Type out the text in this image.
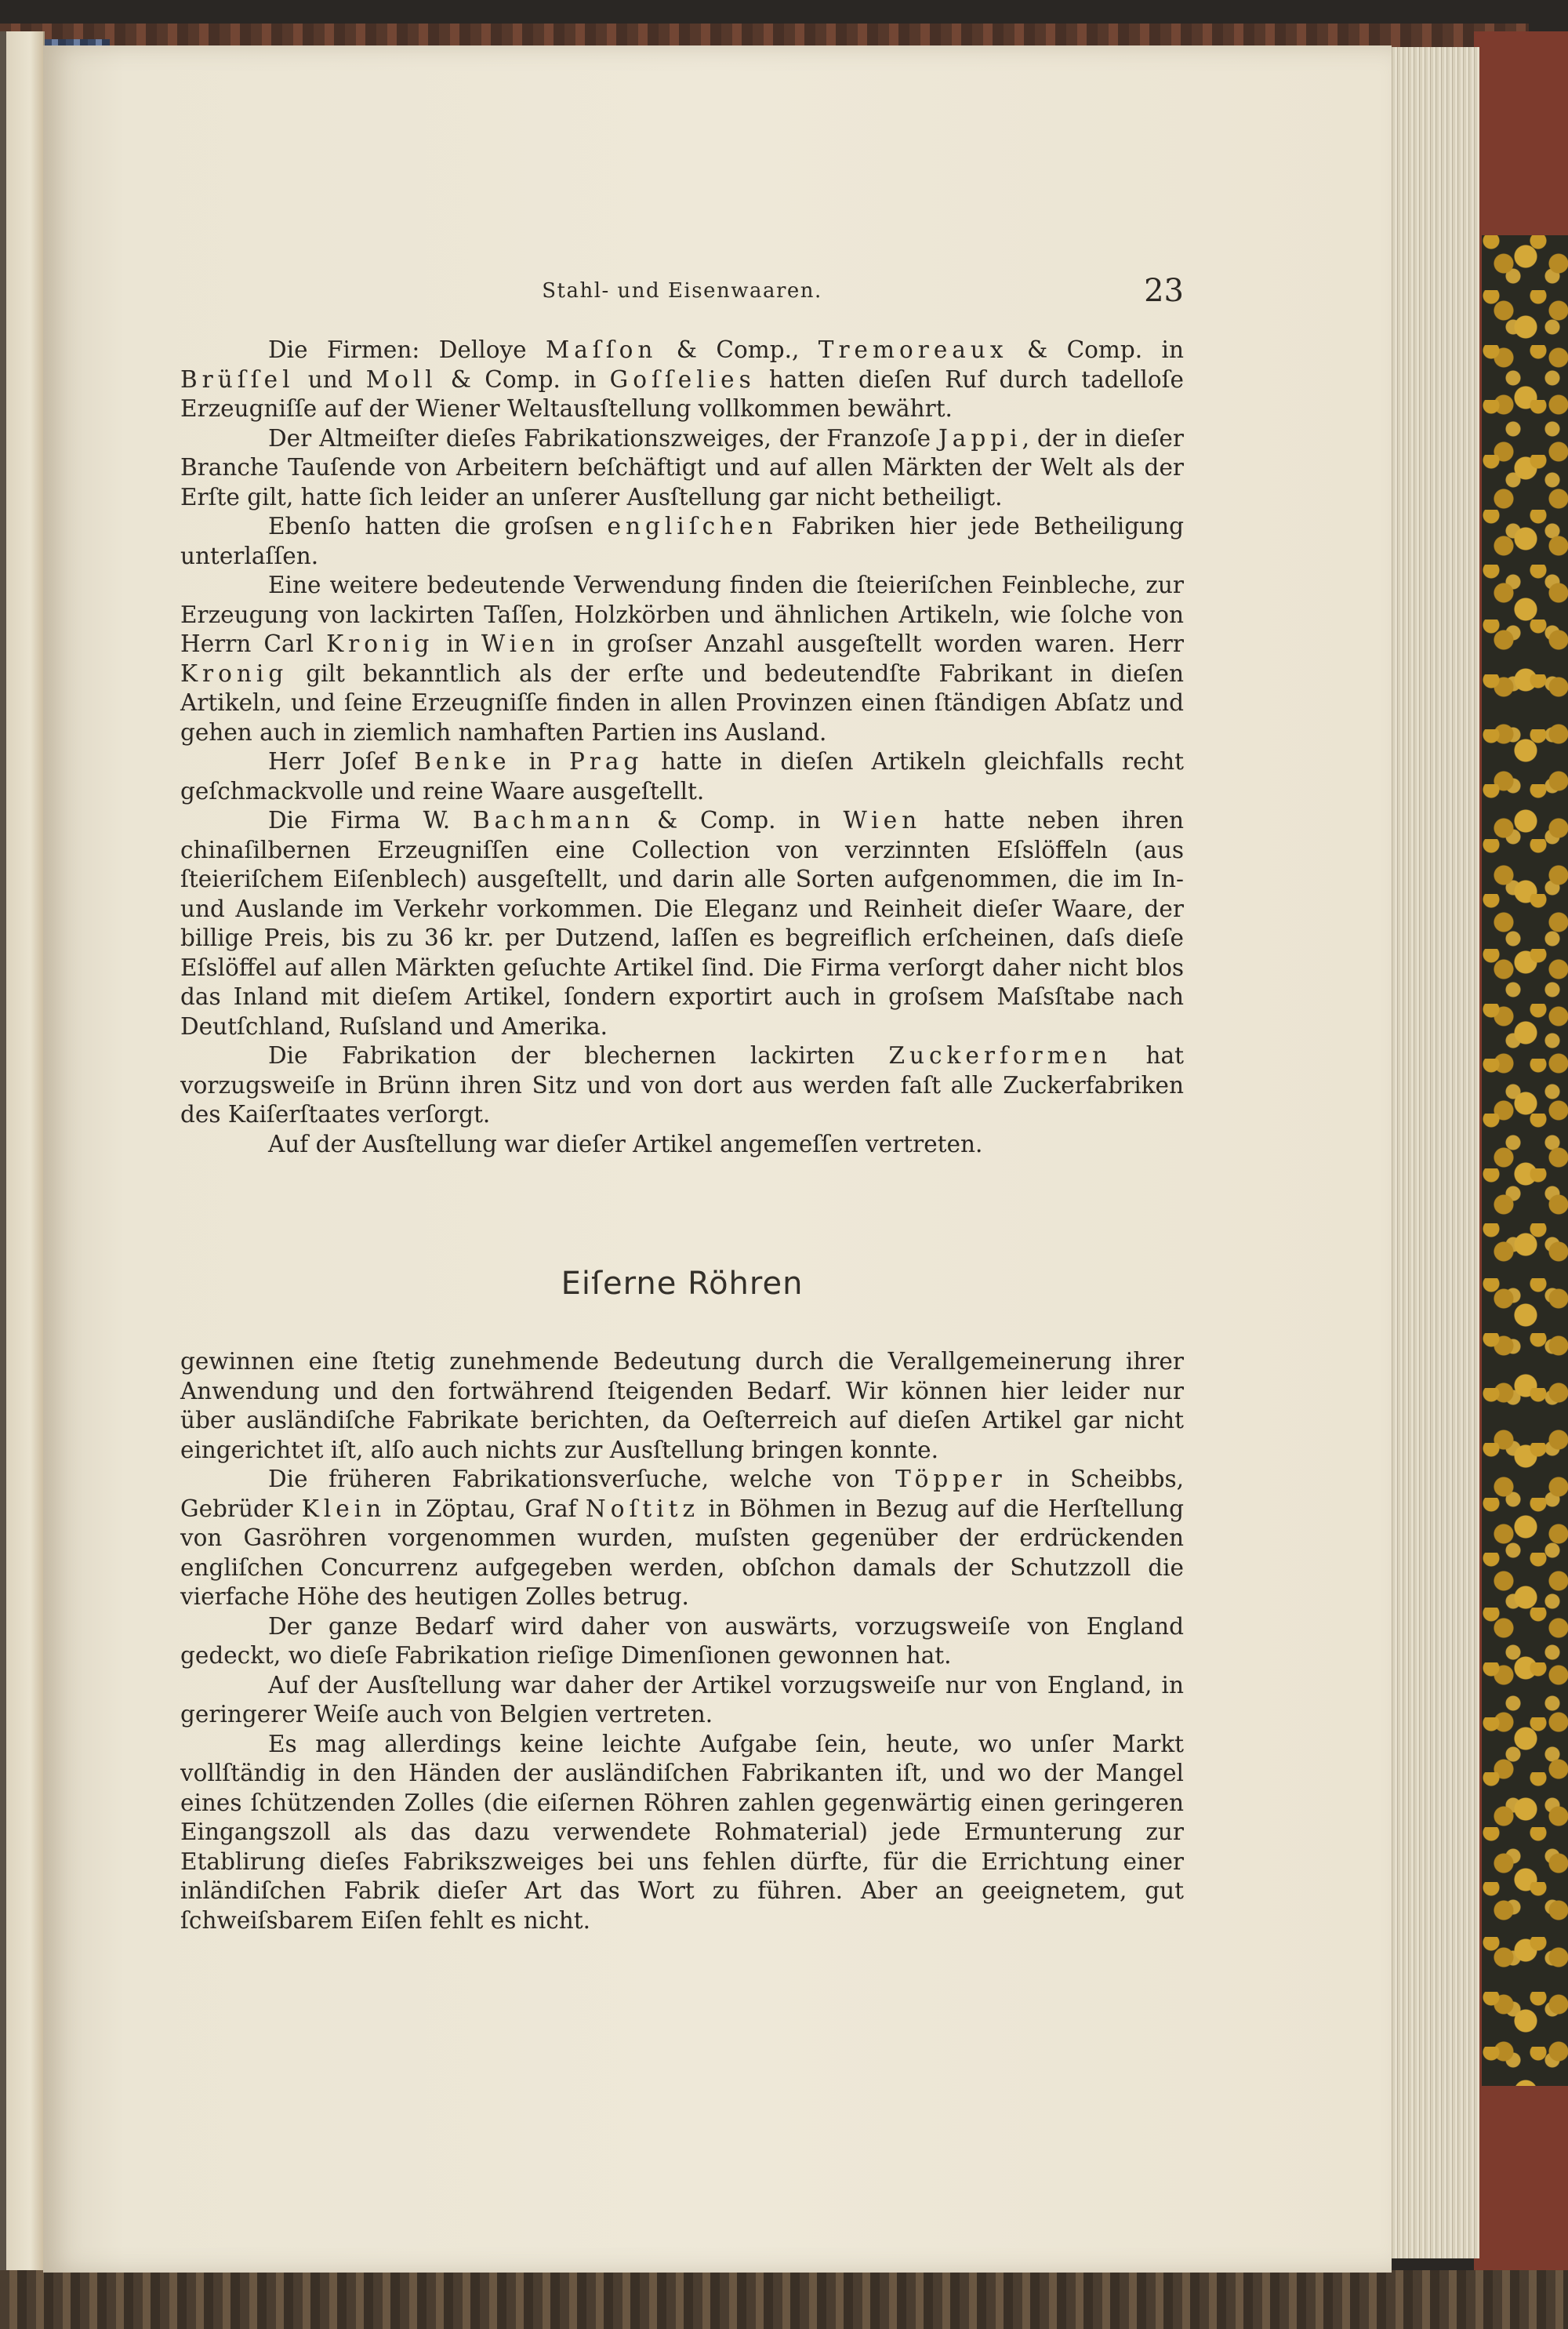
Stahl- und Eisenwaaren.	23

Die Firmen: Delloye Maſſon & Comp., Tremoreaux & Comp. in Brüſſel und Moll & Comp. in Goſſelies hatten dieſen Ruf durch tadelloſe Erzeugniſſe auf der Wiener Weltausſtellung vollkommen bewährt.

Der Altmeiſter dieſes Fabrikationszweiges, der Franzoſe Jappi, der in dieſer Branche Tauſende von Arbeitern beſchäftigt und auf allen Märkten der Welt als der Erſte gilt, hatte ſich leider an unſerer Ausſtellung gar nicht betheiligt.

Ebenſo hatten die groſsen engliſchen Fabriken hier jede Betheiligung unterlaſſen.

Eine weitere bedeutende Verwendung finden die ſteieriſchen Feinbleche, zur Erzeugung von lackirten Taſſen, Holzkörben und ähnlichen Artikeln, wie ſolche von Herrn Carl Kronig in Wien in groſser Anzahl ausgeſtellt worden waren. Herr Kronig gilt bekanntlich als der erſte und bedeutendſte Fabrikant in dieſen Artikeln, und ſeine Erzeugniſſe finden in allen Provinzen einen ſtändigen Abſatz und gehen auch in ziemlich namhaften Partien ins Ausland.

Herr Joſef Benke in Prag hatte in dieſen Artikeln gleichfalls recht geſchmackvolle und reine Waare ausgeſtellt.

Die Firma W. Bachmann & Comp. in Wien hatte neben ihren chinaſilbernen Erzeugniſſen eine Collection von verzinnten Eſslöffeln (aus ſteieriſchem Eiſenblech) ausgeſtellt, und darin alle Sorten aufgenommen, die im In- und Auslande im Verkehr vorkommen. Die Eleganz und Reinheit dieſer Waare, der billige Preis, bis zu 36 kr. per Dutzend, laſſen es begreiflich erſcheinen, daſs dieſe Eſslöffel auf allen Märkten geſuchte Artikel ſind. Die Firma verſorgt daher nicht blos das Inland mit dieſem Artikel, ſondern exportirt auch in groſsem Maſsſtabe nach Deutſchland, Ruſsland und Amerika.

Die Fabrikation der blechernen lackirten Zuckerformen hat vorzugsweiſe in Brünn ihren Sitz und von dort aus werden faſt alle Zuckerfabriken des Kaiſerſtaates verſorgt.

Auf der Ausſtellung war dieſer Artikel angemeſſen vertreten.

Eiſerne Röhren

gewinnen eine ſtetig zunehmende Bedeutung durch die Verallgemeinerung ihrer Anwendung und den fortwährend ſteigenden Bedarf. Wir können hier leider nur über ausländiſche Fabrikate berichten, da Oeſterreich auf dieſen Artikel gar nicht eingerichtet iſt, alſo auch nichts zur Ausſtellung bringen konnte.

Die früheren Fabrikationsverſuche, welche von Töpper in Scheibbs, Gebrüder Klein in Zöptau, Graf Noſtitz in Böhmen in Bezug auf die Herſtellung von Gasröhren vorgenommen wurden, muſsten gegenüber der erdrückenden engliſchen Concurrenz aufgegeben werden, obſchon damals der Schutzzoll die vierfache Höhe des heutigen Zolles betrug.

Der ganze Bedarf wird daher von auswärts, vorzugsweiſe von England gedeckt, wo dieſe Fabrikation rieſige Dimenſionen gewonnen hat.

Auf der Ausſtellung war daher der Artikel vorzugsweiſe nur von England, in geringerer Weiſe auch von Belgien vertreten.

Es mag allerdings keine leichte Aufgabe ſein, heute, wo unſer Markt vollſtändig in den Händen der ausländiſchen Fabrikanten iſt, und wo der Mangel eines ſchützenden Zolles (die eiſernen Röhren zahlen gegenwärtig einen geringeren Eingangszoll als das dazu verwendete Rohmaterial) jede Ermunterung zur Etablirung dieſes Fabrikszweiges bei uns fehlen dürfte, für die Errichtung einer inländiſchen Fabrik dieſer Art das Wort zu führen. Aber an geeignetem, gut ſchweiſsbarem Eiſen fehlt es nicht.
